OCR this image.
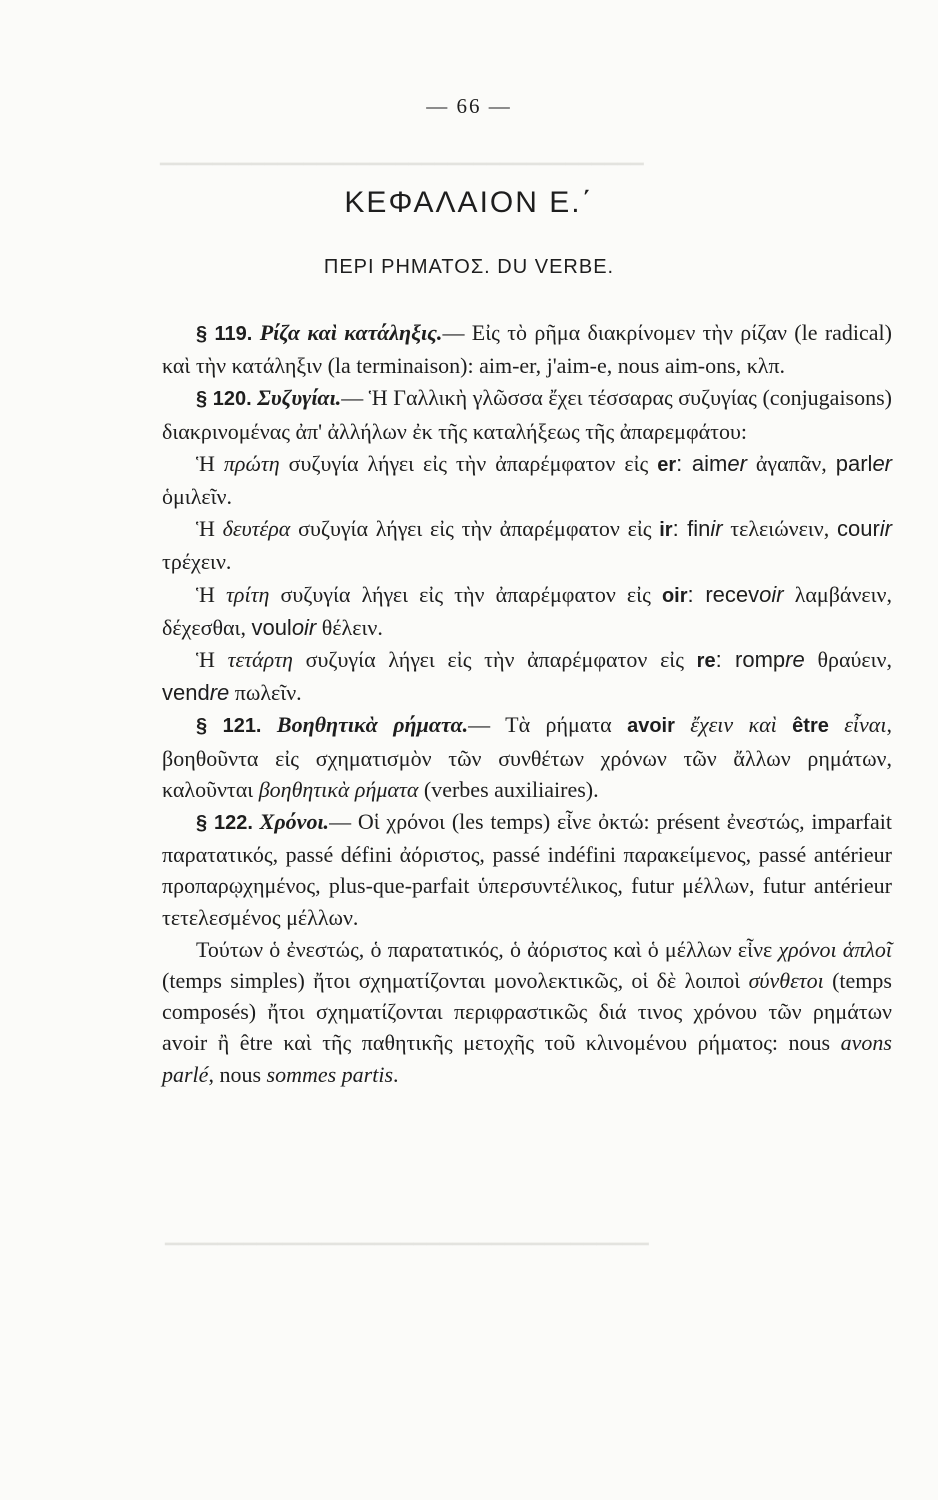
▁▁▁▁▁▁▁▁▁▁▁▁▁▁▁▁▁▁▁▁▁▁▁▁▁▁▁▁▁▁▁▁▁▁▁▁▁
▁▁▁▁▁▁▁▁▁▁▁▁▁▁▁▁▁▁▁▁▁▁▁▁▁▁▁▁▁▁▁▁▁▁▁▁▁
— 66 —
ΚΕΦΑΛΑΙΟΝ Ε.΄
ΠΕΡΙ ΡΗΜΑΤΟΣ. DU VERBE.

§ 119. Ρίζα καὶ κατάληξις.— Εἰς τὸ ρῆμα διακρίνομεν τὴν ρίζαν (le radical) καὶ τὴν κατάληξιν (la terminaison): aim-er, j'aim-e, nous aim-ons, κλπ.

§ 120. Συζυγίαι.— Ἡ Γαλλικὴ γλῶσσα ἔχει τέσσαρας συζυγίας (conjugaisons) διακρινομένας ἀπ' ἀλλήλων ἐκ τῆς καταλήξεως τῆς ἀπαρεμφάτου:

Ἡ πρώτη συζυγία λήγει εἰς τὴν ἀπαρέμφατον εἰς er: aimer ἀγαπᾶν, parler ὁμιλεῖν.

Ἡ δευτέρα συζυγία λήγει εἰς τὴν ἀπαρέμφατον εἰς ir: finir τελειώνειν, courir τρέχειν.

Ἡ τρίτη συζυγία λήγει εἰς τὴν ἀπαρέμφατον εἰς oir: recevoir λαμβάνειν, δέχεσθαι, vouloir θέλειν.

Ἡ τετάρτη συζυγία λήγει εἰς τὴν ἀπαρέμφατον εἰς re: rompre θραύειν, vendre πωλεῖν.

§ 121. Βοηθητικὰ ρήματα.— Τὰ ρήματα avoir ἔχειν καὶ être εἶναι, βοηθοῦντα εἰς σχηματισμὸν τῶν συνθέτων χρόνων τῶν ἄλλων ρημάτων, καλοῦνται βοηθητικὰ ρήματα (verbes auxiliaires).

§ 122. Χρόνοι.— Οἱ χρόνοι (les temps) εἶνε ὀκτώ: présent ἐνεστώς, imparfait παρατατικός, passé défini ἀόριστος, passé indéfini παρακείμενος, passé antérieur προπαρῳχημένος, plus-que-parfait ὑπερσυντέλικος, futur μέλλων, futur antérieur τετελεσμένος μέλλων.

Τούτων ὁ ἐνεστώς, ὁ παρατατικός, ὁ ἀόριστος καὶ ὁ μέλλων εἶνε χρόνοι ἁπλοῖ (temps simples) ἤτοι σχηματίζονται μονολεκτικῶς, οἱ δὲ λοιποὶ σύνθετοι (temps composés) ἤτοι σχηματίζονται περιφραστικῶς διά τινος χρόνου τῶν ρημάτων avoir ἢ être καὶ τῆς παθητικῆς μετοχῆς τοῦ κλινομένου ρήματος: nous avons parlé, nous sommes partis.
